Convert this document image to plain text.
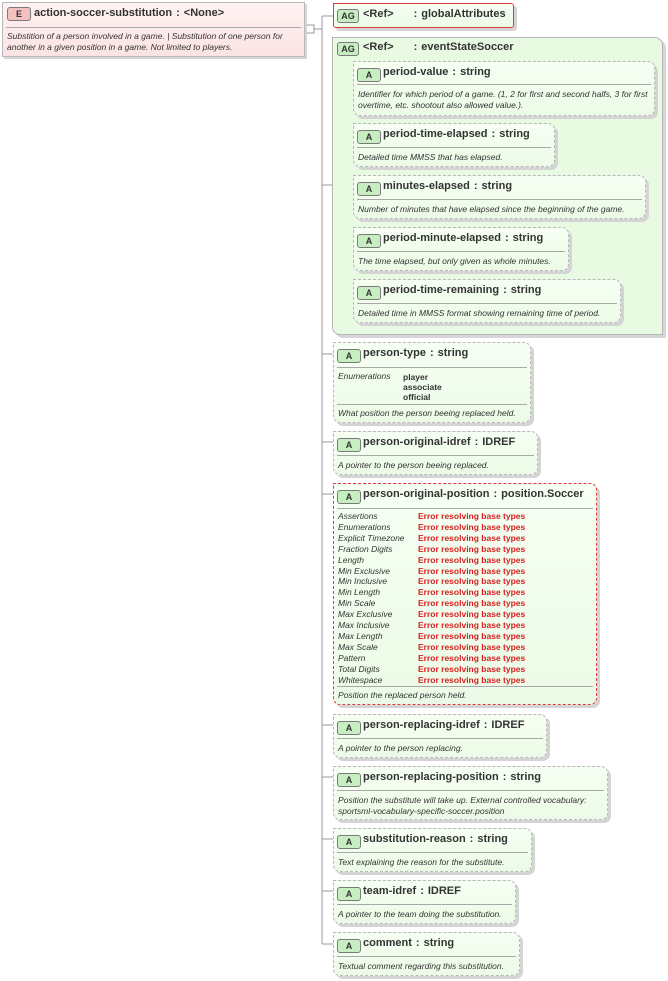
E	action-soccer-substitution : <None>
Substition of a person involved in a game. | Substitution of one person for another in a given position in a game. Not limited to players.
AG <Ref> : globalAttributes
AG <Ref> : eventStateSoccer
A period-value : string
Identifier for which period of a game. (1, 2 for first and second halfs, 3 for first overtime, etc. shootout also allowed value.).
A period-time-elapsed : string
Detailed time MMSS that has elapsed.
A minutes-elapsed : string
Number of minutes that have elapsed since the beginning of the game.
A period-minute-elapsed : string
The time elapsed, but only given as whole minutes.
A period-time-remaining : string
Detailed time in MMSS format showing remaining time of period.
A person-type : string
Enumerations player
associate
official
What position the person beeing replaced held.
A person-original-idref : IDREF
A pointer to the person beeing replaced.
A person-original-position : position.Soccer
Assertions	Error resolving base types
Enumerations	Error resolving base types
Explicit Timezone Error resolving base types
Fraction Digits	Error resolving base types
Length	Error resolving base types
Min Exclusive	Error resolving base types
Min Inclusive	Error resolving base types
Min Length	Error resolving base types
Min Scale	Error resolving base types
Max Exclusive	Error resolving base types
Max Inclusive	Error resolving base types
Max Length	Error resolving base types
Max Scale	Error resolving base types
Pattern	Error resolving base types
Total Digits	Error resolving base types
Whitespace	Error resolving base types
Position the replaced person held.
A person-replacing-idref : IDREF
A pointer to the person replacing.
A person-replacing-position : string
Position the substitute will take up. External controlled vocabulary: sportsml-vocabulary-specific-soccer.position
A substitution-reason : string
Text explaining the reason for the substitute.
A team-idref : IDREF
A pointer to the team doing the substitution.
A comment : string
Textual comment regarding this substitution.
